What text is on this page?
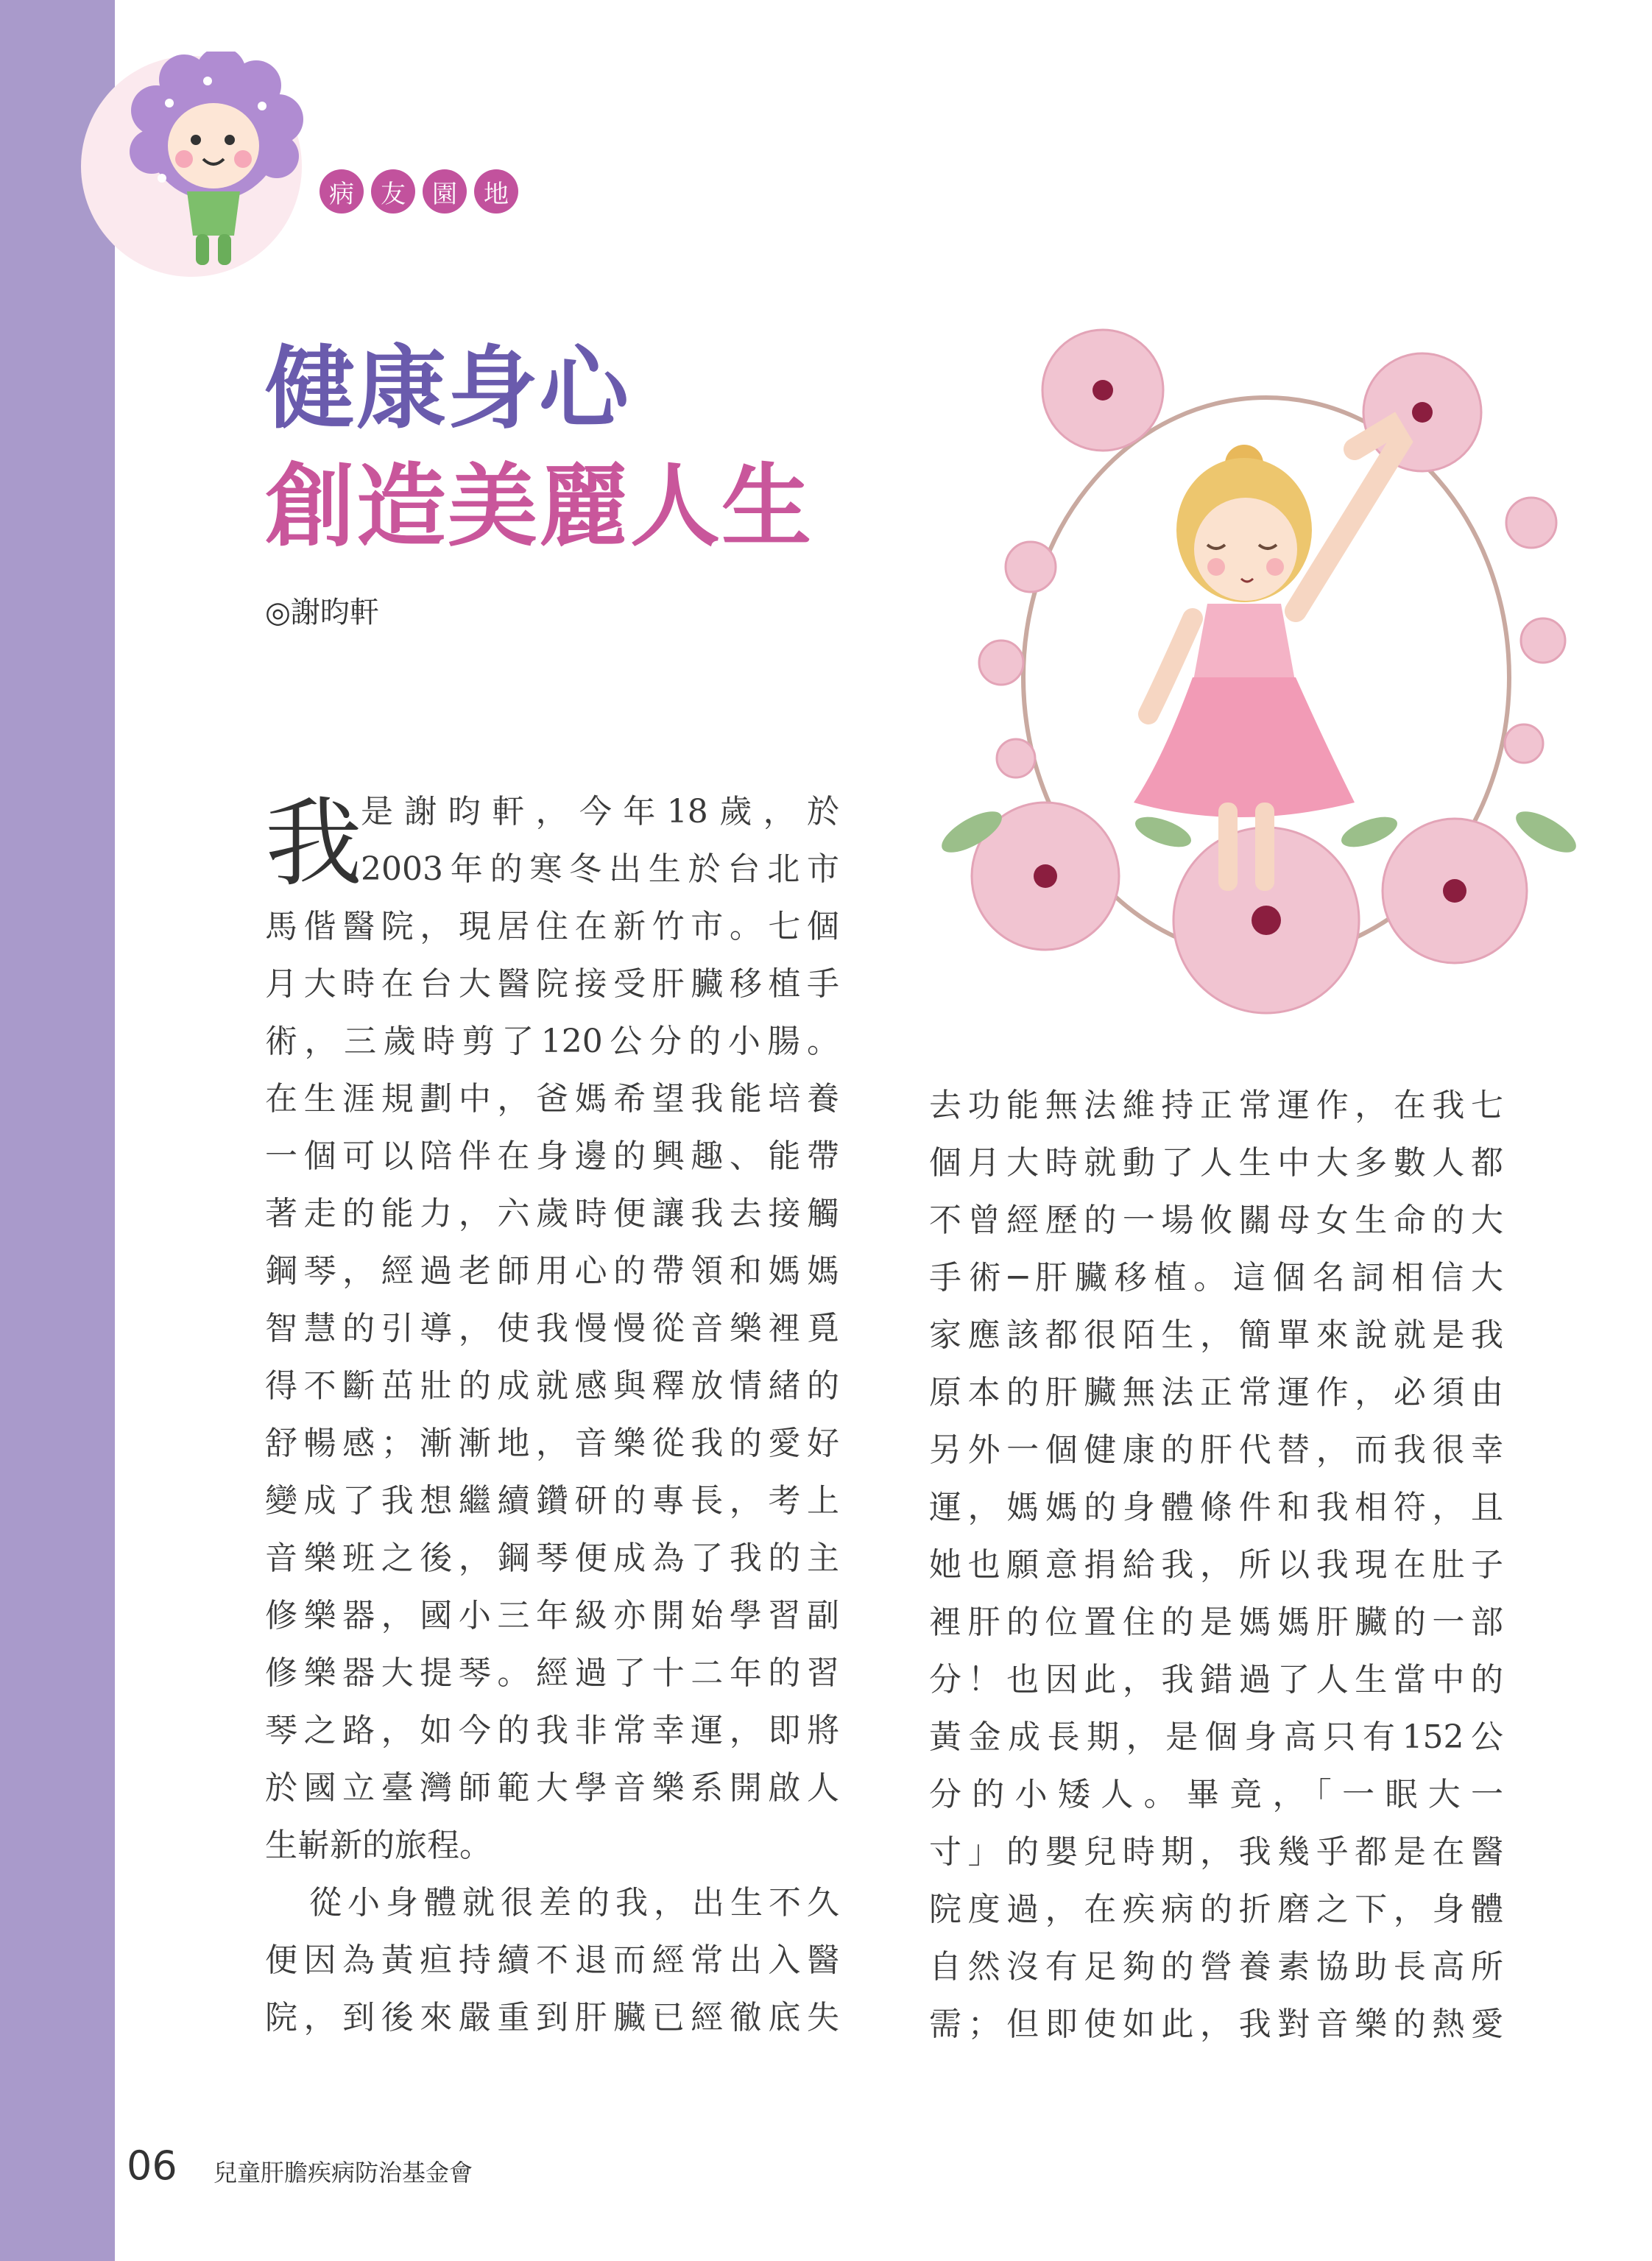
病	友	園	地
健康身心
創造美麗人生
◎謝昀軒
我
是謝昀軒，今年18歲，於
2003年的寒冬出生於台北市
馬偕醫院，現居住在新竹市。七個
月大時在台大醫院接受肝臟移植手
術，三歲時剪了120公分的小腸。
在生涯規劃中，爸媽希望我能培養
一個可以陪伴在身邊的興趣、能帶
著走的能力，六歲時便讓我去接觸
鋼琴，經過老師用心的帶領和媽媽
智慧的引導，使我慢慢從音樂裡覓
得不斷茁壯的成就感與釋放情緒的
舒暢感；漸漸地，音樂從我的愛好
變成了我想繼續鑽研的專長，考上
音樂班之後，鋼琴便成為了我的主
修樂器，國小三年級亦開始學習副
修樂器大提琴。經過了十二年的習
琴之路，如今的我非常幸運，即將
於國立臺灣師範大學音樂系開啟人
生嶄新的旅程。
從小身體就很差的我，出生不久
便因為黃疸持續不退而經常出入醫
院，到後來嚴重到肝臟已經徹底失
去功能無法維持正常運作，在我七
個月大時就動了人生中大多數人都
不曾經歷的一場攸關母女生命的大
手術─肝臟移植。這個名詞相信大
家應該都很陌生，簡單來說就是我
原本的肝臟無法正常運作，必須由
另外一個健康的肝代替，而我很幸
運，媽媽的身體條件和我相符，且
她也願意捐給我，所以我現在肚子
裡肝的位置住的是媽媽肝臟的一部
分！也因此，我錯過了人生當中的
黃金成長期，是個身高只有152公
分的小矮人。畢竟，「一眠大一
寸」的嬰兒時期，我幾乎都是在醫
院度過，在疾病的折磨之下，身體
自然沒有足夠的營養素協助長高所
需；但即使如此，我對音樂的熱愛
06 兒童肝膽疾病防治基金會
